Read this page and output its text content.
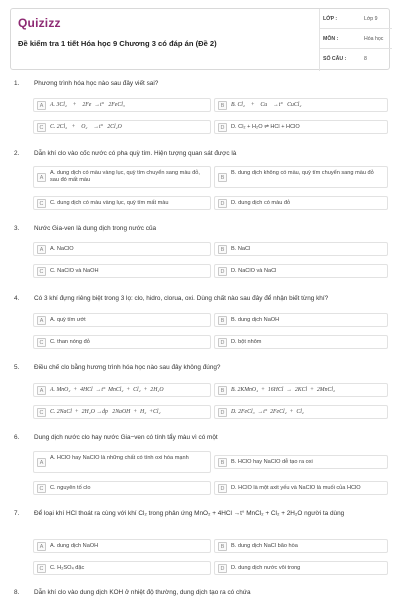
Quizizz
Đề kiểm tra 1 tiết Hóa học 9 Chương 3 có đáp án (Đề 2)
LỚP :	Lớp 9
MÔN :	Hóa học
SỐ CÂU :	8
1. Phương trình hóa học nào sau đây viết sai?
A	A. 3Cl₂    +    2Fe  →t°   2FeCl₃	B	B. Cl₂    +    Cu    →t°   CuCl₂
C	C. 2Cl₂   +    O₂    →t°   2Cl₂O	D	D. Cl₂ + H₂O ⇌ HCl + HClO
2. Dẫn khí clo vào cốc nước có pha quỳ tím. Hiện tượng quan sát được là
A
A. dung dịch có màu vàng lục, quỳ tím chuyển sang màu đỏ, sau đó mất màu	B
B. dung dịch không có màu, quỳ tím chuyển sang màu đỏ
C	C. dung dịch có màu vàng lục, quỳ tím mất màu	D	D. dung dịch có màu đỏ
3. Nước Gia-ven là dung dịch trong nước của
A	A. NaClO	B	B. NaCl
C	C. NaClO và NaOH	D	D. NaClO và NaCl
4. Có 3 khí đựng riêng biệt trong 3 lọ: clo, hidro, clorua, oxi. Dùng chất nào sau đây để nhận biết từng khí?
A	A. quỳ tím ướt	B	B. dung dịch NaOH
C	C. than nóng đỏ	D	D. bột nhôm
5. Điều chế clo bằng hương trình hóa học nào sau đây không đúng?
A	A. MnO₂  +  4HCl  →t°  MnCl₂  +  Cl₂  +  2H₂O	B	B. 2KMnO₄  +  16HCl  →  2KCl  +  2MnCl₂
C	C. 2NaCl  +  2H₂O →đp   2NaOH  +  H₂  +Cl₂	D	D. 2FeCl₃  →t°  2FeCl₂  +  Cl₂
6. Dung dịch nước clo hay nước Gia−ven có tính tẩy màu vì có một
A
A. HClO hay NaClO là những chất có tính oxi hóa mạnh
B	B. HClO hay NaClO dễ tạo ra oxi
C	C. nguyên tố clo	D	D. HClO là một axit yếu và NaClO là muối của HClO
7. Để loại khí HCl thoát ra cùng với khí Cl₂ trong phản ứng MnO₂ + 4HCl →t° MnCl₂ + Cl₂ + 2H₂O người ta dùng
A	A. dung dịch NaOH	B	B. dung dịch NaCl bão hòa
C	C. H₂SO₄ đặc	D	D. dung dịch nước vôi trong
8. Dẫn khí clo vào dung dịch KOH ở nhiệt độ thường, dung dịch tạo ra có chứa
